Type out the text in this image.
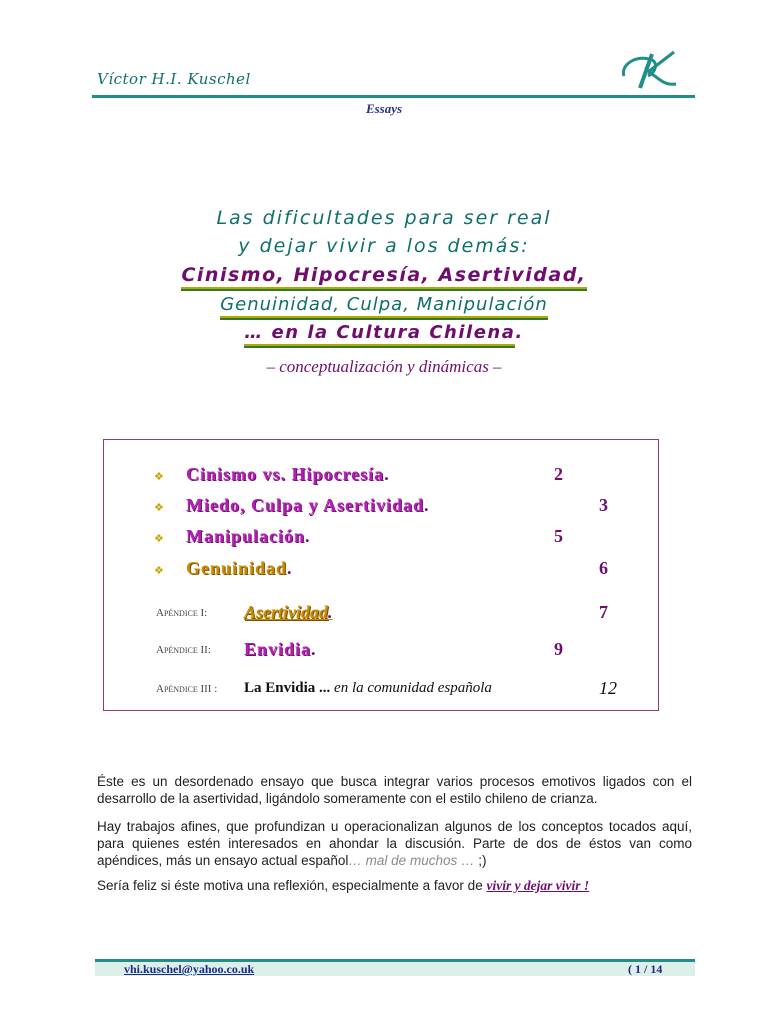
Víctor H.I. Kuschel	K
Essays
Las dificultades para ser real
y dejar vivir a los demás:
Cinismo, Hipocresía, Asertividad,
Genuinidad, Culpa, Manipulación
… en la Cultura Chilena.
– conceptualización y dinámicas –
❖ Cinismo vs. Hipocresía.	2
❖ Miedo, Culpa y Asertividad.	3
❖ Manipulación.	5
❖ Genuinidad.	6
Apéndice I: Asertividad.	7
Apéndice II: Envidia.	9
Apéndice III : La Envidia ... en la comunidad española	12
Éste es un desordenado ensayo que busca integrar varios procesos emotivos ligados con el desarrollo de la asertividad, ligándolo someramente con el estilo chileno de crianza.
Hay trabajos afines, que profundizan u operacionalizan algunos de los conceptos tocados aquí, para quienes estén interesados en ahondar la discusión. Parte de dos de éstos van como apéndices, más un ensayo actual español… mal de muchos … ;)
Sería feliz si éste motiva una reflexión, especialmente a favor de vivir y dejar vivir !
vhi.kuschel@yahoo.co.uk	( 1 / 14
